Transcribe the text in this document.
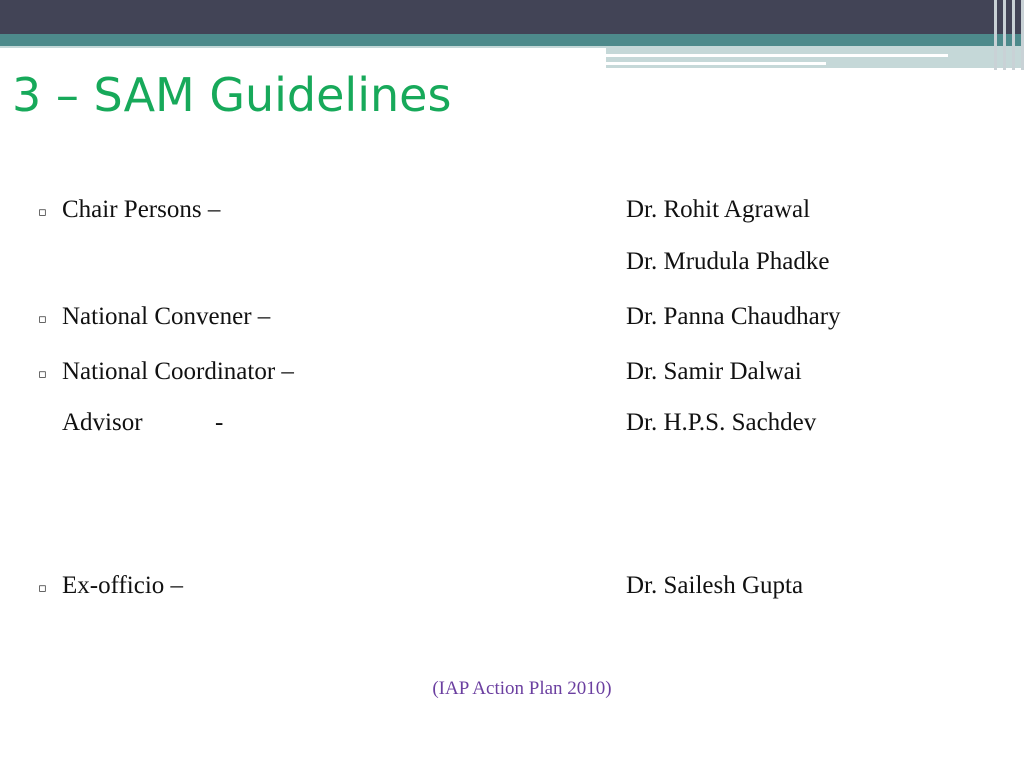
3 – SAM Guidelines
▫ Chair Persons –	Dr. Rohit Agrawal
Dr. Mrudula Phadke
▫ National Convener –	Dr. Panna Chaudhary
▫ National Coordinator –	Dr. Samir Dalwai
Advisor	-	Dr. H.P.S. Sachdev
▫ Ex-officio –	Dr. Sailesh Gupta
(IAP Action Plan 2010)
